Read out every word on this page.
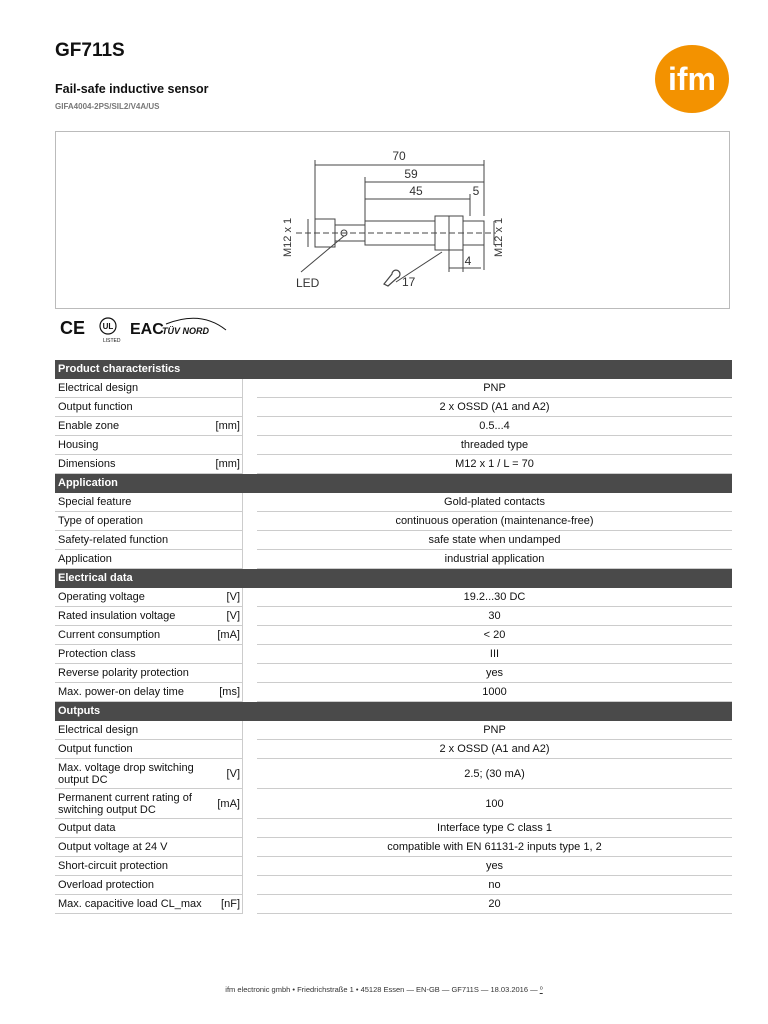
GF711S
Fail-safe inductive sensor
GIFA4004-2PS/SIL2/V4A/US
ifm
70
59
45	5
4
17
LED
M12 x 1	M12 x 1
CE UL
LISTED
EAC
TÜV NORD
Product characteristics
Electrical design	PNP
Output function	2 x OSSD (A1 and A2)
Enable zone	[mm]	0.5...4
Housing	threaded type
Dimensions	[mm]	M12 x 1 / L = 70
Application
Special feature	Gold-plated contacts
Type of operation	continuous operation (maintenance-free)
Safety-related function	safe state when undamped
Application	industrial application
Electrical data
Operating voltage	[V]	19.2...30 DC
Rated insulation voltage	[V]	30
Current consumption	[mA]	< 20
Protection class	III
Reverse polarity protection	yes
Max. power-on delay time	[ms]	1000
Outputs
Electrical design	PNP
Output function	2 x OSSD (A1 and A2)
Max. voltage drop switching output DC	[V]	2.5; (30 mA)
Permanent current rating of switching output DC	[mA]	100
Output data	Interface type C class 1
Output voltage at 24 V	compatible with EN 61131-2 inputs type 1, 2
Short-circuit protection	yes
Overload protection	no
Max. capacitive load CL_max	[nF]	20
ifm electronic gmbh • Friedrichstraße 1 • 45128 Essen — EN-GB — GF711S — 18.03.2016 — ⁰
